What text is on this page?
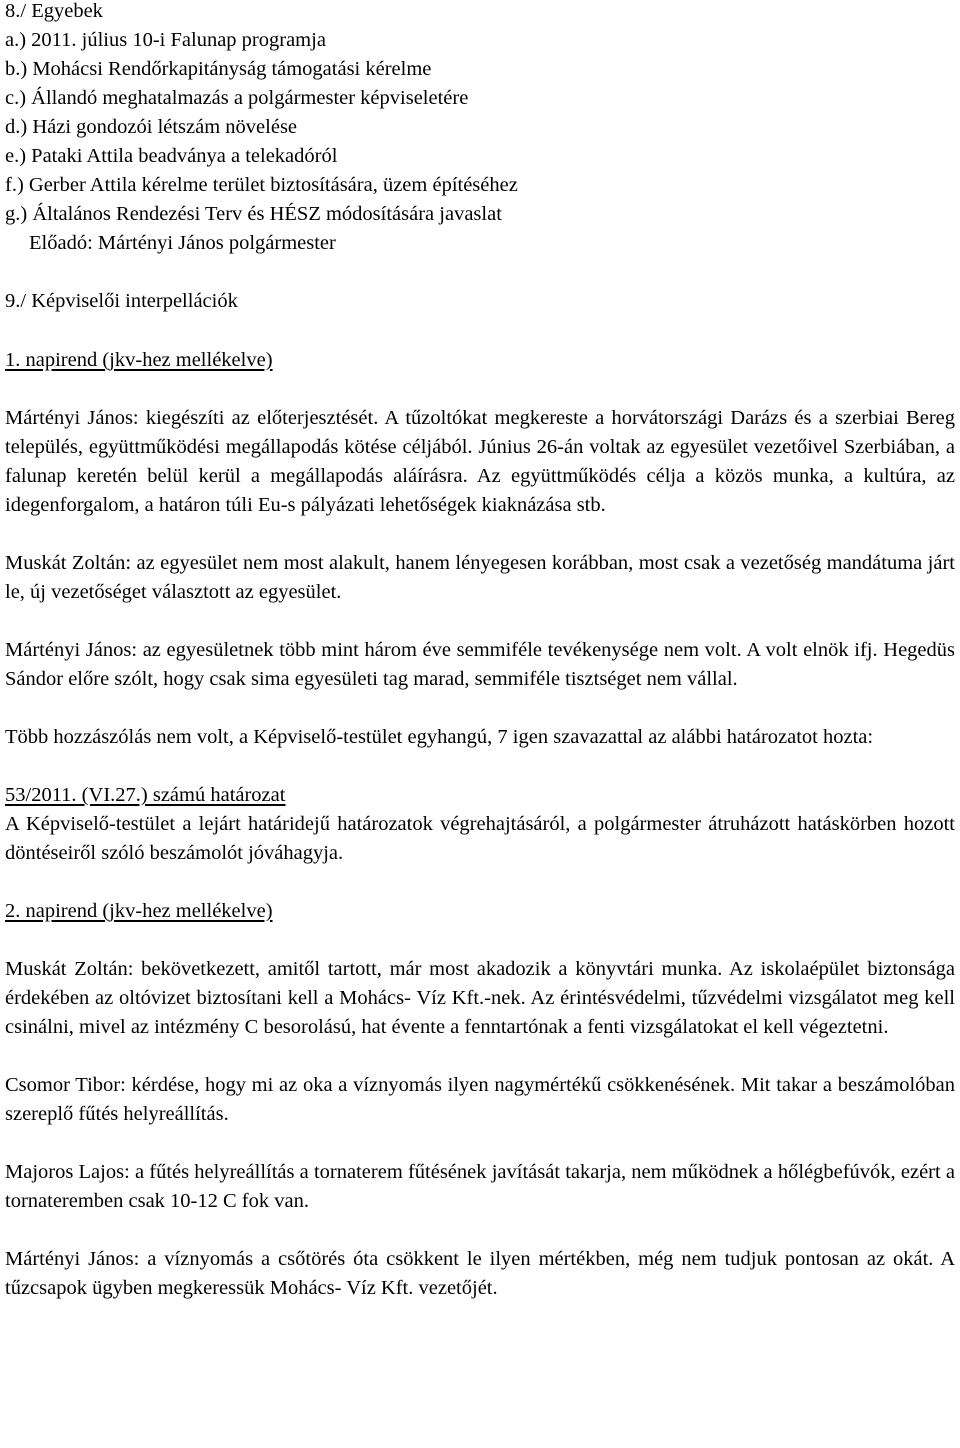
8./ Egyebek
a.) 2011. július 10-i Falunap programja
b.) Mohácsi Rendőrkapitányság támogatási kérelme
c.) Állandó meghatalmazás a polgármester képviseletére
d.) Házi gondozói létszám növelése
e.) Pataki Attila beadványa a telekadóról
f.) Gerber Attila kérelme terület biztosítására, üzem építéséhez
g.) Általános Rendezési Terv és HÉSZ módosítására javaslat
Előadó: Mártényi János polgármester
9./ Képviselői interpellációk
1. napirend (jkv-hez mellékelve)

Mártényi János: kiegészíti az előterjesztését. A tűzoltókat megkereste a horvátországi Darázs és a szerbiai Bereg település, együttműködési megállapodás kötése céljából. Június 26-án voltak az egyesület vezetőivel Szerbiában, a falunap keretén belül kerül a megállapodás aláírásra. Az együttműködés célja a közös munka, a kultúra, az idegenforgalom, a határon túli Eu-s pályázati lehetőségek kiaknázása stb.

Muskát Zoltán: az egyesület nem most alakult, hanem lényegesen korábban, most csak a vezetőség mandátuma járt le, új vezetőséget választott az egyesület.

Mártényi János: az egyesületnek több mint három éve semmiféle tevékenysége nem volt. A volt elnök ifj. Hegedüs Sándor előre szólt, hogy csak sima egyesületi tag marad, semmiféle tisztséget nem vállal.

Több hozzászólás nem volt, a Képviselő-testület egyhangú, 7 igen szavazattal az alábbi határozatot hozta:

53/2011. (VI.27.) számú határozat

A Képviselő-testület a lejárt határidejű határozatok végrehajtásáról, a polgármester átruházott hatáskörben hozott döntéseiről szóló beszámolót jóváhagyja.

2. napirend (jkv-hez mellékelve)

Muskát Zoltán: bekövetkezett, amitől tartott, már most akadozik a könyvtári munka. Az iskolaépület biztonsága érdekében az oltóvizet biztosítani kell a Mohács- Víz Kft.-nek. Az érintésvédelmi, tűzvédelmi vizsgálatot meg kell csinálni, mivel az intézmény C besorolású, hat évente a fenntartónak a fenti vizsgálatokat el kell végeztetni.

Csomor Tibor: kérdése, hogy mi az oka a víznyomás ilyen nagymértékű csökkenésének. Mit takar a beszámolóban szereplő fűtés helyreállítás.

Majoros Lajos: a fűtés helyreállítás a tornaterem fűtésének javítását takarja, nem működnek a hőlégbefúvók, ezért a tornateremben csak 10-12 C fok van.

Mártényi János: a víznyomás a csőtörés óta csökkent le ilyen mértékben, még nem tudjuk pontosan az okát. A tűzcsapok ügyben megkeressük Mohács- Víz Kft. vezetőjét.
